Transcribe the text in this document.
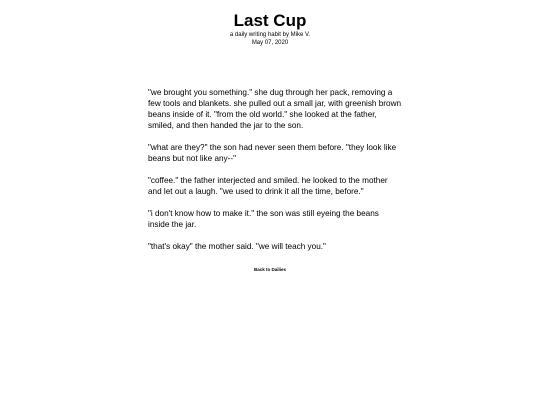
Last Cup

a daily writing habit by Mike V.

May 07, 2020

"we brought you something." she dug through her pack, removing a few tools and blankets. she pulled out a small jar, with greenish brown beans inside of it. "from the old world." she looked at the father, smiled, and then handed the jar to the son.

"what are they?" the son had never seen them before. "they look like beans but not like any--"

"coffee." the father interjected and smiled. he looked to the mother and let out a laugh. "we used to drink it all the time, before."

"i don't know how to make it." the son was still eyeing the beans inside the jar.

"that's okay" the mother said. "we will teach you."

Back to Dailies
